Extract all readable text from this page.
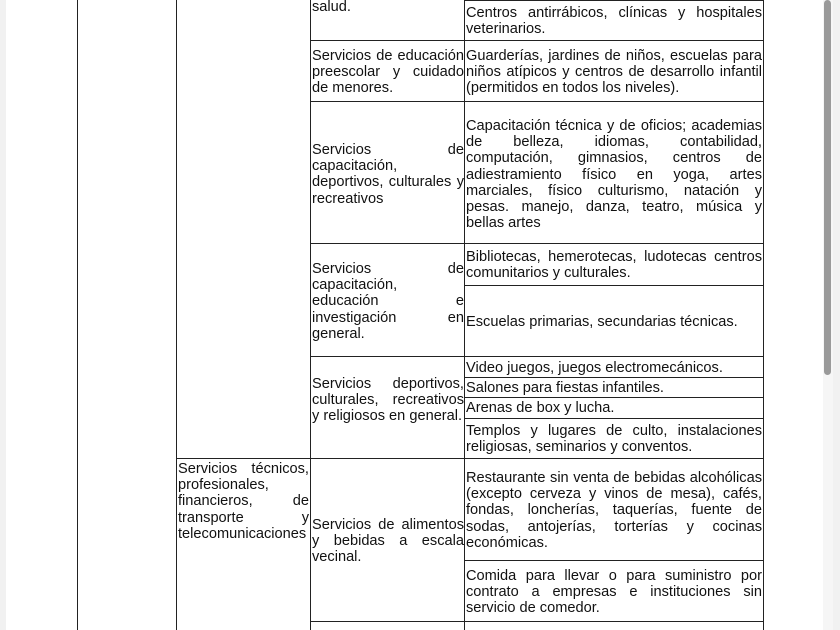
salud.	Centros antirrábicos, clínicas y hospitales veterinarios.
Servicios de educación preescolar y cuidado de menores.
Guarderías, jardines de niños, escuelas para niños atípicos y centros de desarrollo infantil (permitidos en todos los niveles).
Servicios de capacitación, deportivos, culturales y recreativos
Capacitación técnica y de oficios; academias de belleza, idiomas, contabilidad, computación, gimnasios, centros de adiestramiento físico en yoga, artes marciales, físico culturismo, natación y pesas. manejo, danza, teatro, música y bellas artes
Servicios de capacitación, educación e investigación en general.
Bibliotecas, hemerotecas, ludotecas centros comunitarios y culturales.
Escuelas primarias, secundarias técnicas.
Servicios deportivos, culturales, recreativos y religiosos en general.
Video juegos, juegos electromecánicos.
Salones para fiestas infantiles.
Arenas de box y lucha.
Templos y lugares de culto, instalaciones religiosas, seminarios y conventos.
Servicios técnicos, profesionales, financieros, de transporte y telecomunicaciones
Servicios de alimentos y bebidas a escala vecinal.
Restaurante sin venta de bebidas alcohólicas (excepto cerveza y vinos de mesa), cafés, fondas, loncherías, taquerías, fuente de sodas, antojerías, torterías y cocinas económicas.
Comida para llevar o para suministro por contrato a empresas e instituciones sin servicio de comedor.
